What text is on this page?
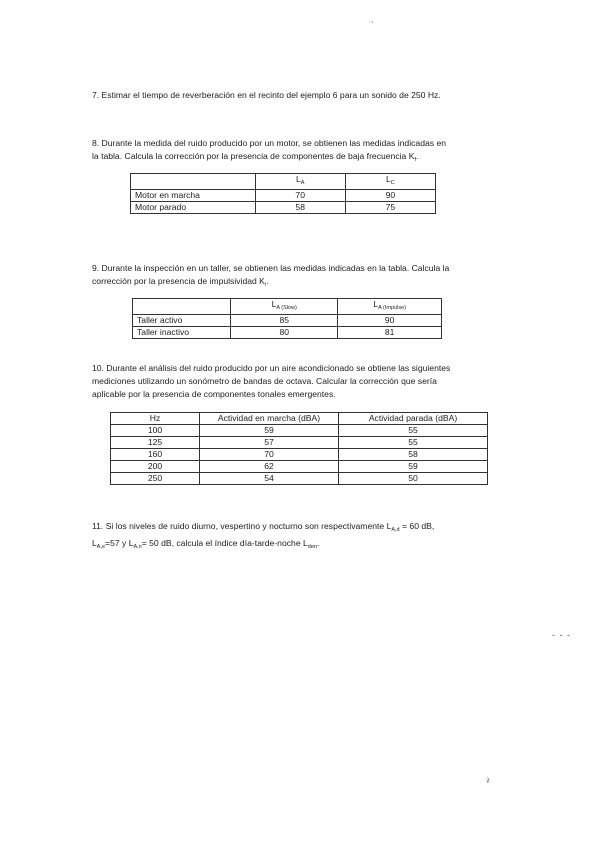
ʿ'
𝓇

7. Estimar el tiempo de reverberación en el recinto del ejemplo 6 para un sonido de 250 Hz.

8. Durante la medida del ruido producido por un motor, se obtienen las medidas indicadas en

la tabla. Calcula la corrección por la presencia de componentes de baja frecuencia $K_f$.

	$L_A$	$L_C$
Motor en marcha	70	90
Motor parado	58	75

9. Durante la inspección en un taller, se obtienen las medidas indicadas en la tabla. Calcula la

corrección por la presencia de impulsividad $K_i$.

	$L_{A (Slow)}$	$L_{A (Impulse)}$
Taller activo	85	90
Taller inactivo	80	81

10. Durante el análisis del ruido producido por un aire acondicionado se obtiene las siguientes

mediciones utilizando un sonómetro de bandas de octava. Calcular la corrección que sería

aplicable por la presencia de componentes tonales emergentes.

Hz	Actividad en marcha (dBA)	Actividad parada (dBA)
100	59	55
125	57	55
160	70	58
200	62	59
250	54	50

11. Si los niveles de ruido diurno, vespertino y nocturno son respectivamente $L_{A,d} = 60$ dB,

$L_{A,e}=57$ y $L_{A,n}= 50$ dB, calcula el índice día-tarde-noche $L_{den}$.

- - -
